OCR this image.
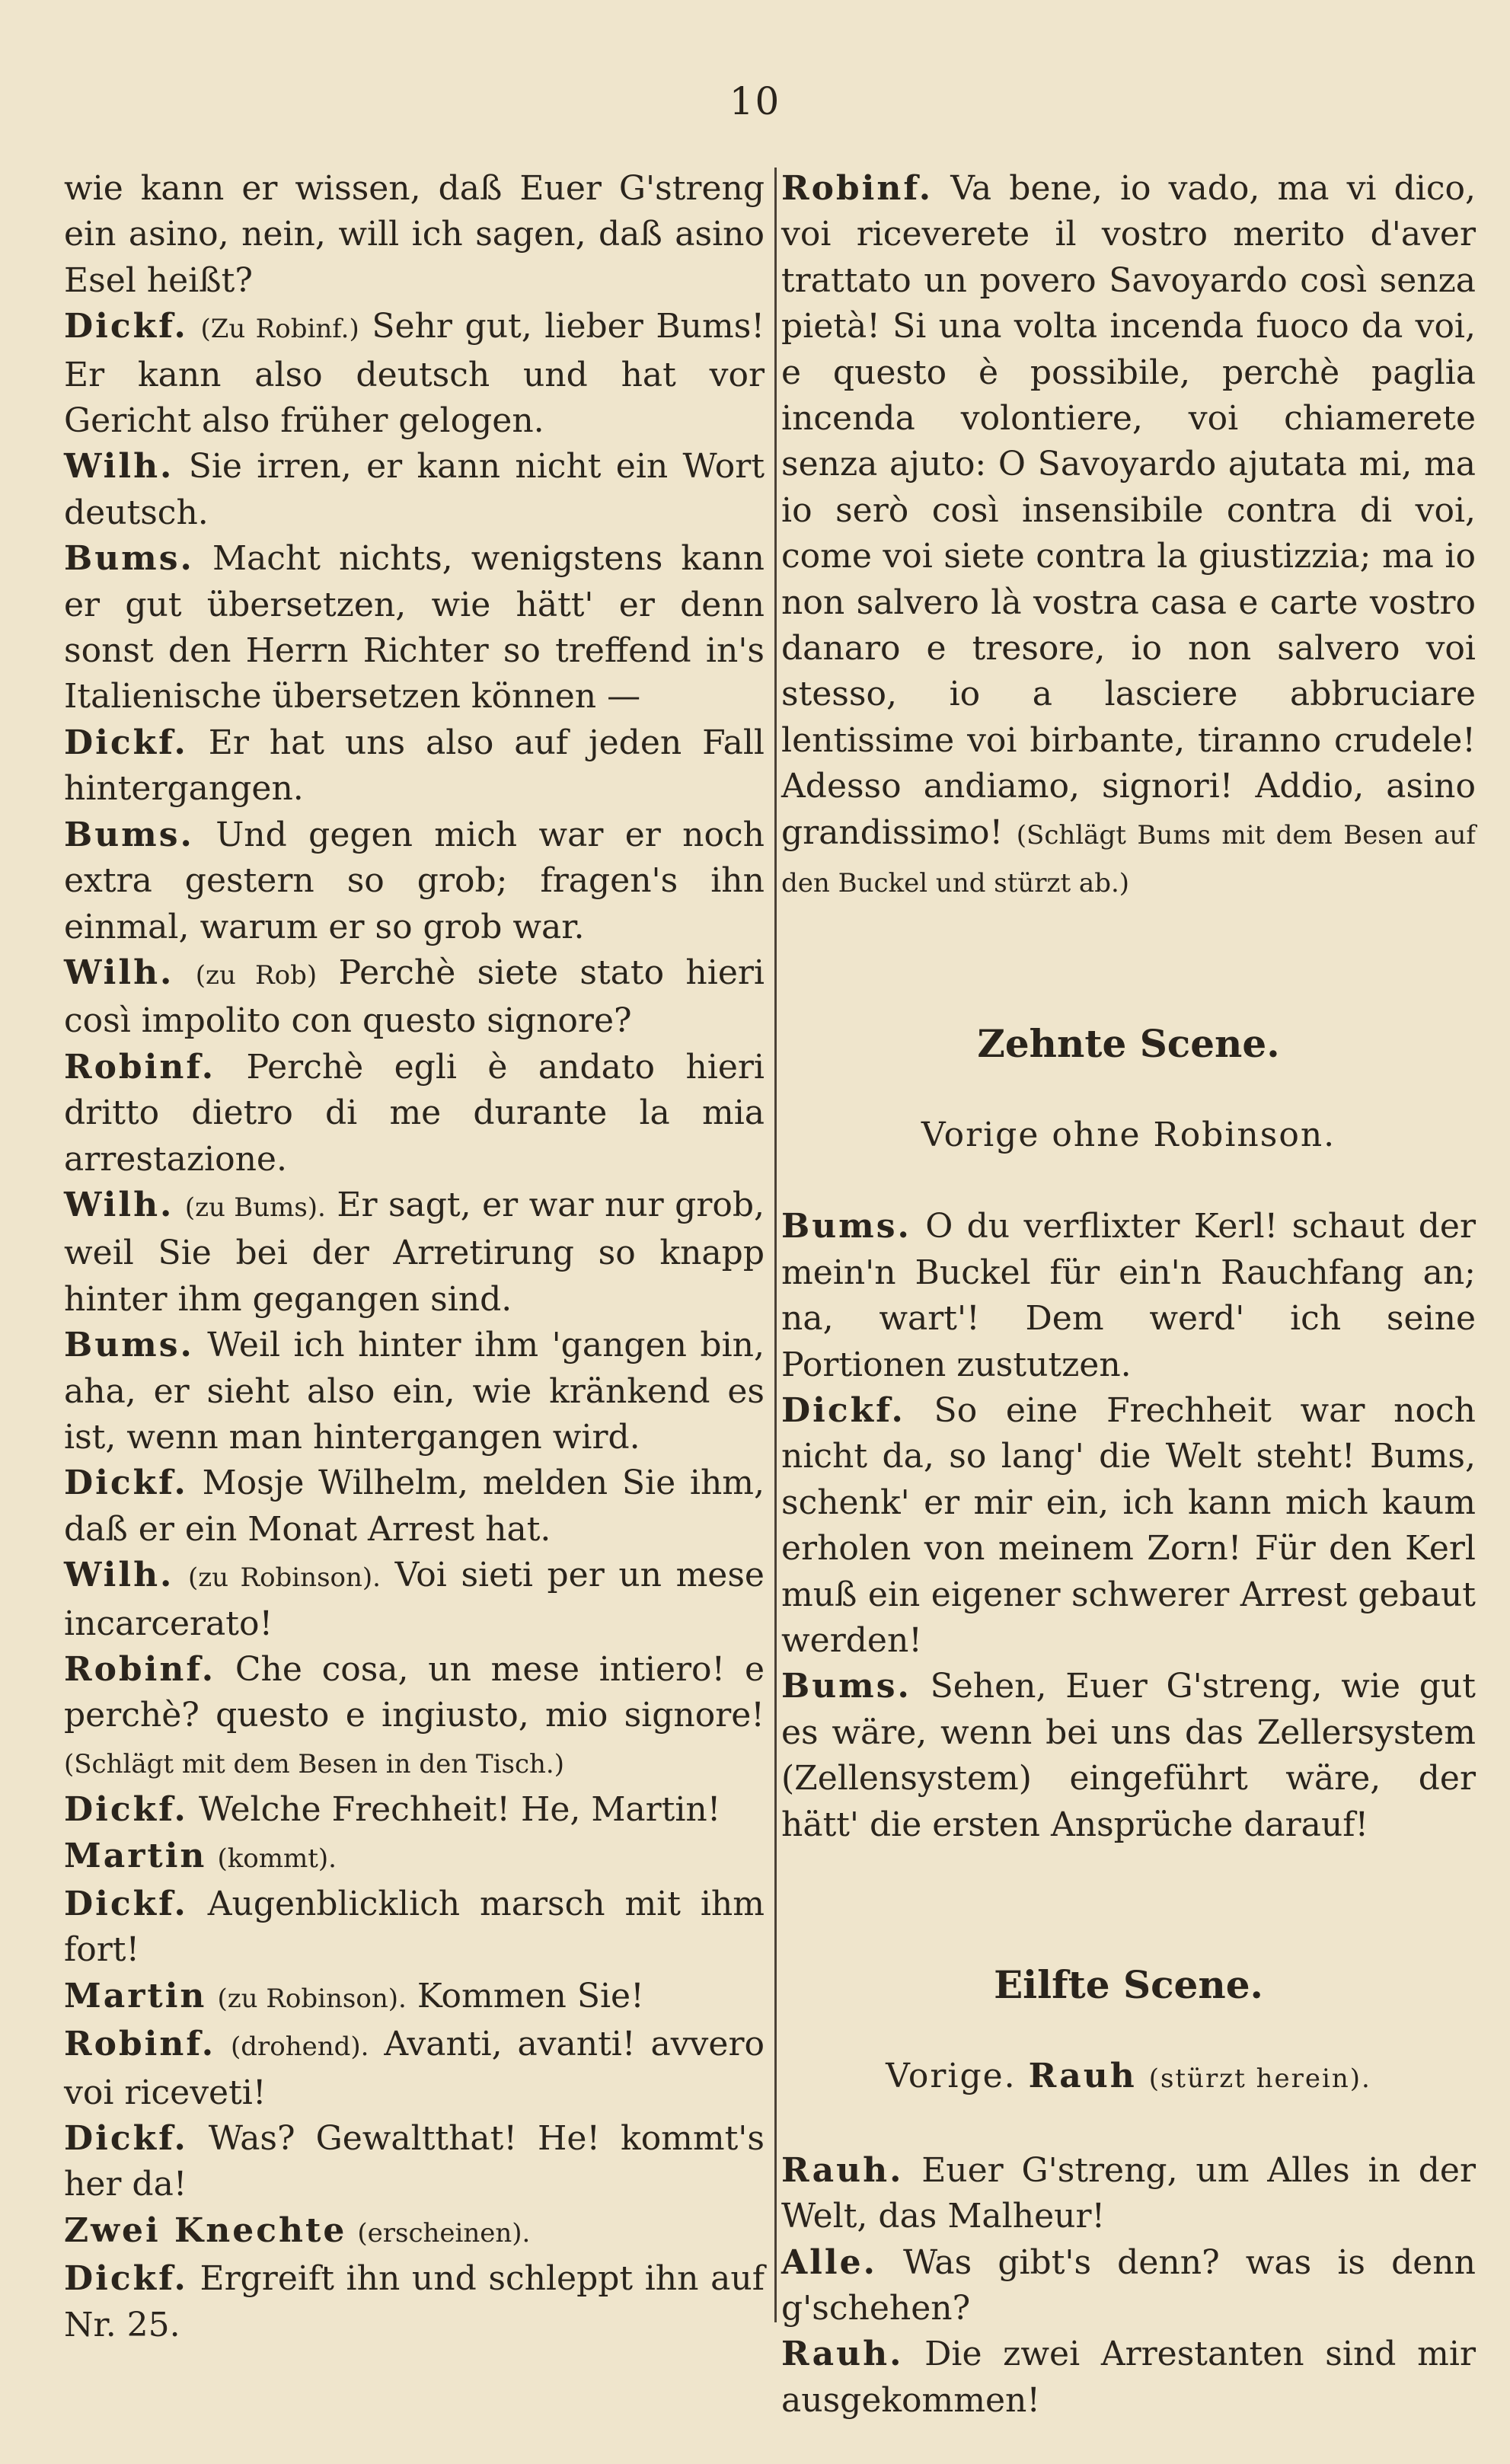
10

wie kann er wissen, daß Euer G'streng ein asino, nein, will ich sagen, daß asino Esel heißt?

Dickf. (Zu Robinf.) Sehr gut, lieber Bums! Er kann also deutsch und hat vor Gericht also früher gelogen.

Wilh. Sie irren, er kann nicht ein Wort deutsch.

Bums. Macht nichts, wenigstens kann er gut übersetzen, wie hätt' er denn sonst den Herrn Richter so treffend in's Italienische übersetzen können —

Dickf. Er hat uns also auf jeden Fall hintergangen.

Bums. Und gegen mich war er noch extra gestern so grob; fragen's ihn einmal, warum er so grob war.

Wilh. (zu Rob) Perchè siete stato hieri così impolito con questo signore?

Robinf. Perchè egli è andato hieri dritto dietro di me durante la mia arrestazione.

Wilh. (zu Bums). Er sagt, er war nur grob, weil Sie bei der Arretirung so knapp hinter ihm gegangen sind.

Bums. Weil ich hinter ihm 'gangen bin, aha, er sieht also ein, wie kränkend es ist, wenn man hintergangen wird.

Dickf. Mosje Wilhelm, melden Sie ihm, daß er ein Monat Arrest hat.

Wilh. (zu Robinson). Voi sieti per un mese incarcerato!

Robinf. Che cosa, un mese intiero! e perchè? questo e ingiusto, mio signore! (Schlägt mit dem Besen in den Tisch.)

Dickf. Welche Frechheit! He, Martin!

Martin (kommt).

Dickf. Augenblicklich marsch mit ihm fort!

Martin (zu Robinson). Kommen Sie!

Robinf. (drohend). Avanti, avanti! avvero voi riceveti!

Dickf. Was? Gewaltthat! He! kommt's her da!

Zwei Knechte (erscheinen).

Dickf. Ergreift ihn und schleppt ihn auf Nr. 25.

Robinf. Va bene, io vado, ma vi dico, voi riceverete il vostro merito d'aver trattato un povero Savoyardo così senza pietà! Si una volta incenda fuoco da voi, e questo è possibile, perchè paglia incenda volontiere, voi chiamerete senza ajuto: O Savoyardo ajutata mi, ma io serò così insensibile contra di voi, come voi siete contra la giustizzia; ma io non salvero là vostra casa e carte vostro danaro e tresore, io non salvero voi stesso, io a lasciere abbruciare lentissime voi birbante, tiranno crudele! Adesso andiamo, signori! Addio, asino grandissimo! (Schlägt Bums mit dem Besen auf den Buckel und stürzt ab.)

Zehnte Scene.

Vorige ohne Robinson.

Bums. O du verflixter Kerl! schaut der mein'n Buckel für ein'n Rauchfang an; na, wart'! Dem werd' ich seine Portionen zustutzen.

Dickf. So eine Frechheit war noch nicht da, so lang' die Welt steht! Bums, schenk' er mir ein, ich kann mich kaum erholen von meinem Zorn! Für den Kerl muß ein eigener schwerer Arrest gebaut werden!

Bums. Sehen, Euer G'streng, wie gut es wäre, wenn bei uns das Zellersystem (Zellensystem) eingeführt wäre, der hätt' die ersten Ansprüche darauf!

Eilfte Scene.

Vorige. Rauh (stürzt herein).

Rauh. Euer G'streng, um Alles in der Welt, das Malheur!

Alle. Was gibt's denn? was is denn g'schehen?

Rauh. Die zwei Arrestanten sind mir ausgekommen!
